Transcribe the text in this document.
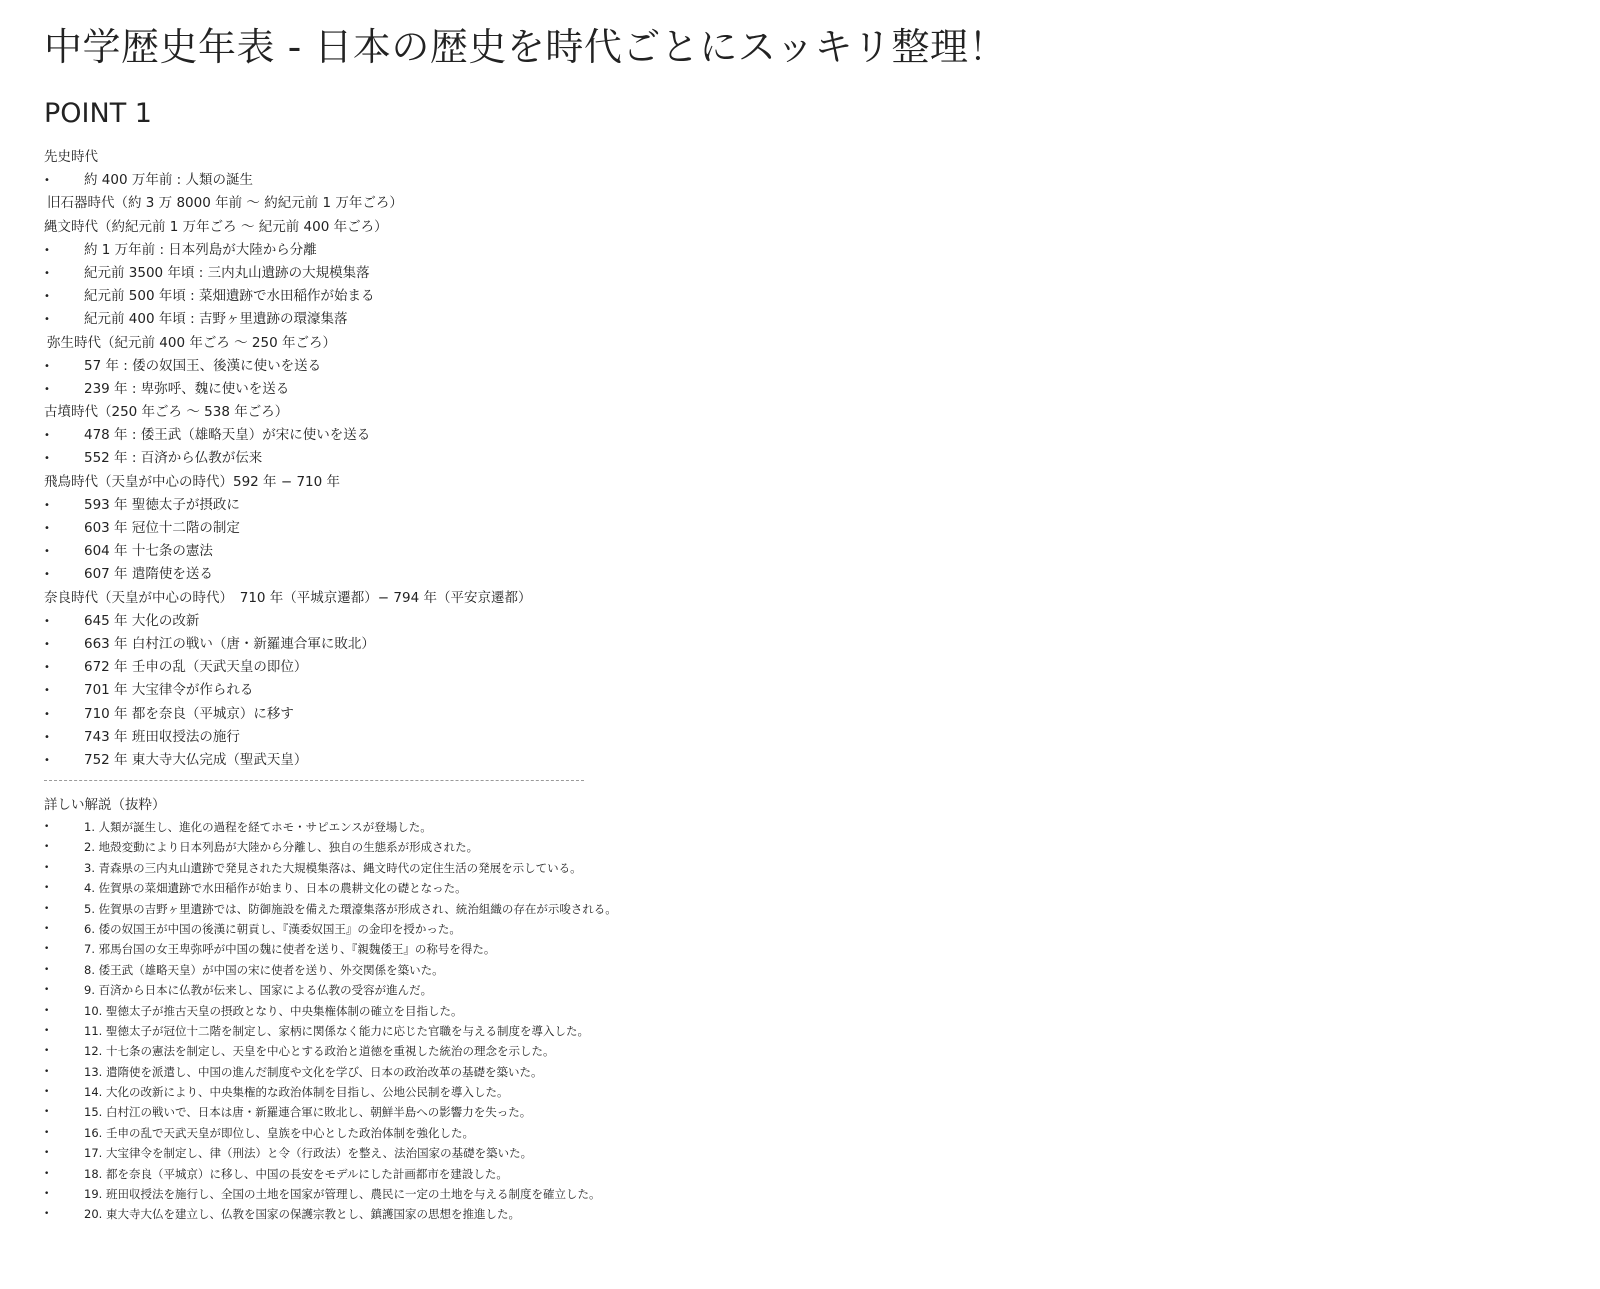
中学歴史年表 - 日本の歴史を時代ごとにスッキリ整理！
POINT 1
先史時代
•	約 400 万年前 : 人類の誕生
旧石器時代（約 3 万 8000 年前 〜 約紀元前 1 万年ごろ）
縄文時代（約紀元前 1 万年ごろ 〜 紀元前 400 年ごろ）
•	約 1 万年前 : 日本列島が大陸から分離
•	紀元前 3500 年頃 : 三内丸山遺跡の大規模集落
•	紀元前 500 年頃 : 菜畑遺跡で水田稲作が始まる
•	紀元前 400 年頃 : 吉野ヶ里遺跡の環濠集落
弥生時代（紀元前 400 年ごろ 〜 250 年ごろ）
•	57 年 : 倭の奴国王、後漢に使いを送る
•	239 年 : 卑弥呼、魏に使いを送る
古墳時代（250 年ごろ 〜 538 年ごろ）
•	478 年 : 倭王武（雄略天皇）が宋に使いを送る
•	552 年 : 百済から仏教が伝来
飛鳥時代（天皇が中心の時代）592 年 − 710 年
•	593 年 聖徳太子が摂政に
•	603 年 冠位十二階の制定
•	604 年 十七条の憲法
•	607 年 遣隋使を送る
奈良時代（天皇が中心の時代）　710 年（平城京遷都）− 794 年（平安京遷都）
•	645 年 大化の改新
•	663 年 白村江の戦い（唐・新羅連合軍に敗北）
•	672 年 壬申の乱（天武天皇の即位）
•	701 年 大宝律令が作られる
•	710 年 都を奈良（平城京）に移す
•	743 年 班田収授法の施行
•	752 年 東大寺大仏完成（聖武天皇）
詳しい解説（抜粋）
•	1. 人類が誕生し、進化の過程を経てホモ・サピエンスが登場した。
•	2. 地殻変動により日本列島が大陸から分離し、独自の生態系が形成された。
•	3. 青森県の三内丸山遺跡で発見された大規模集落は、縄文時代の定住生活の発展を示している。
•	4. 佐賀県の菜畑遺跡で水田稲作が始まり、日本の農耕文化の礎となった。
•	5. 佐賀県の吉野ヶ里遺跡では、防御施設を備えた環濠集落が形成され、統治組織の存在が示唆される。
•	6. 倭の奴国王が中国の後漢に朝貢し、『漢委奴国王』の金印を授かった。
•	7. 邪馬台国の女王卑弥呼が中国の魏に使者を送り、『親魏倭王』の称号を得た。
•	8. 倭王武（雄略天皇）が中国の宋に使者を送り、外交関係を築いた。
•	9. 百済から日本に仏教が伝来し、国家による仏教の受容が進んだ。
•	10. 聖徳太子が推古天皇の摂政となり、中央集権体制の確立を目指した。
•	11. 聖徳太子が冠位十二階を制定し、家柄に関係なく能力に応じた官職を与える制度を導入した。
•	12. 十七条の憲法を制定し、天皇を中心とする政治と道徳を重視した統治の理念を示した。
•	13. 遣隋使を派遣し、中国の進んだ制度や文化を学び、日本の政治改革の基礎を築いた。
•	14. 大化の改新により、中央集権的な政治体制を目指し、公地公民制を導入した。
•	15. 白村江の戦いで、日本は唐・新羅連合軍に敗北し、朝鮮半島への影響力を失った。
•	16. 壬申の乱で天武天皇が即位し、皇族を中心とした政治体制を強化した。
•	17. 大宝律令を制定し、律（刑法）と令（行政法）を整え、法治国家の基礎を築いた。
•	18. 都を奈良（平城京）に移し、中国の長安をモデルにした計画都市を建設した。
•	19. 班田収授法を施行し、全国の土地を国家が管理し、農民に一定の土地を与える制度を確立した。
•	20. 東大寺大仏を建立し、仏教を国家の保護宗教とし、鎮護国家の思想を推進した。
